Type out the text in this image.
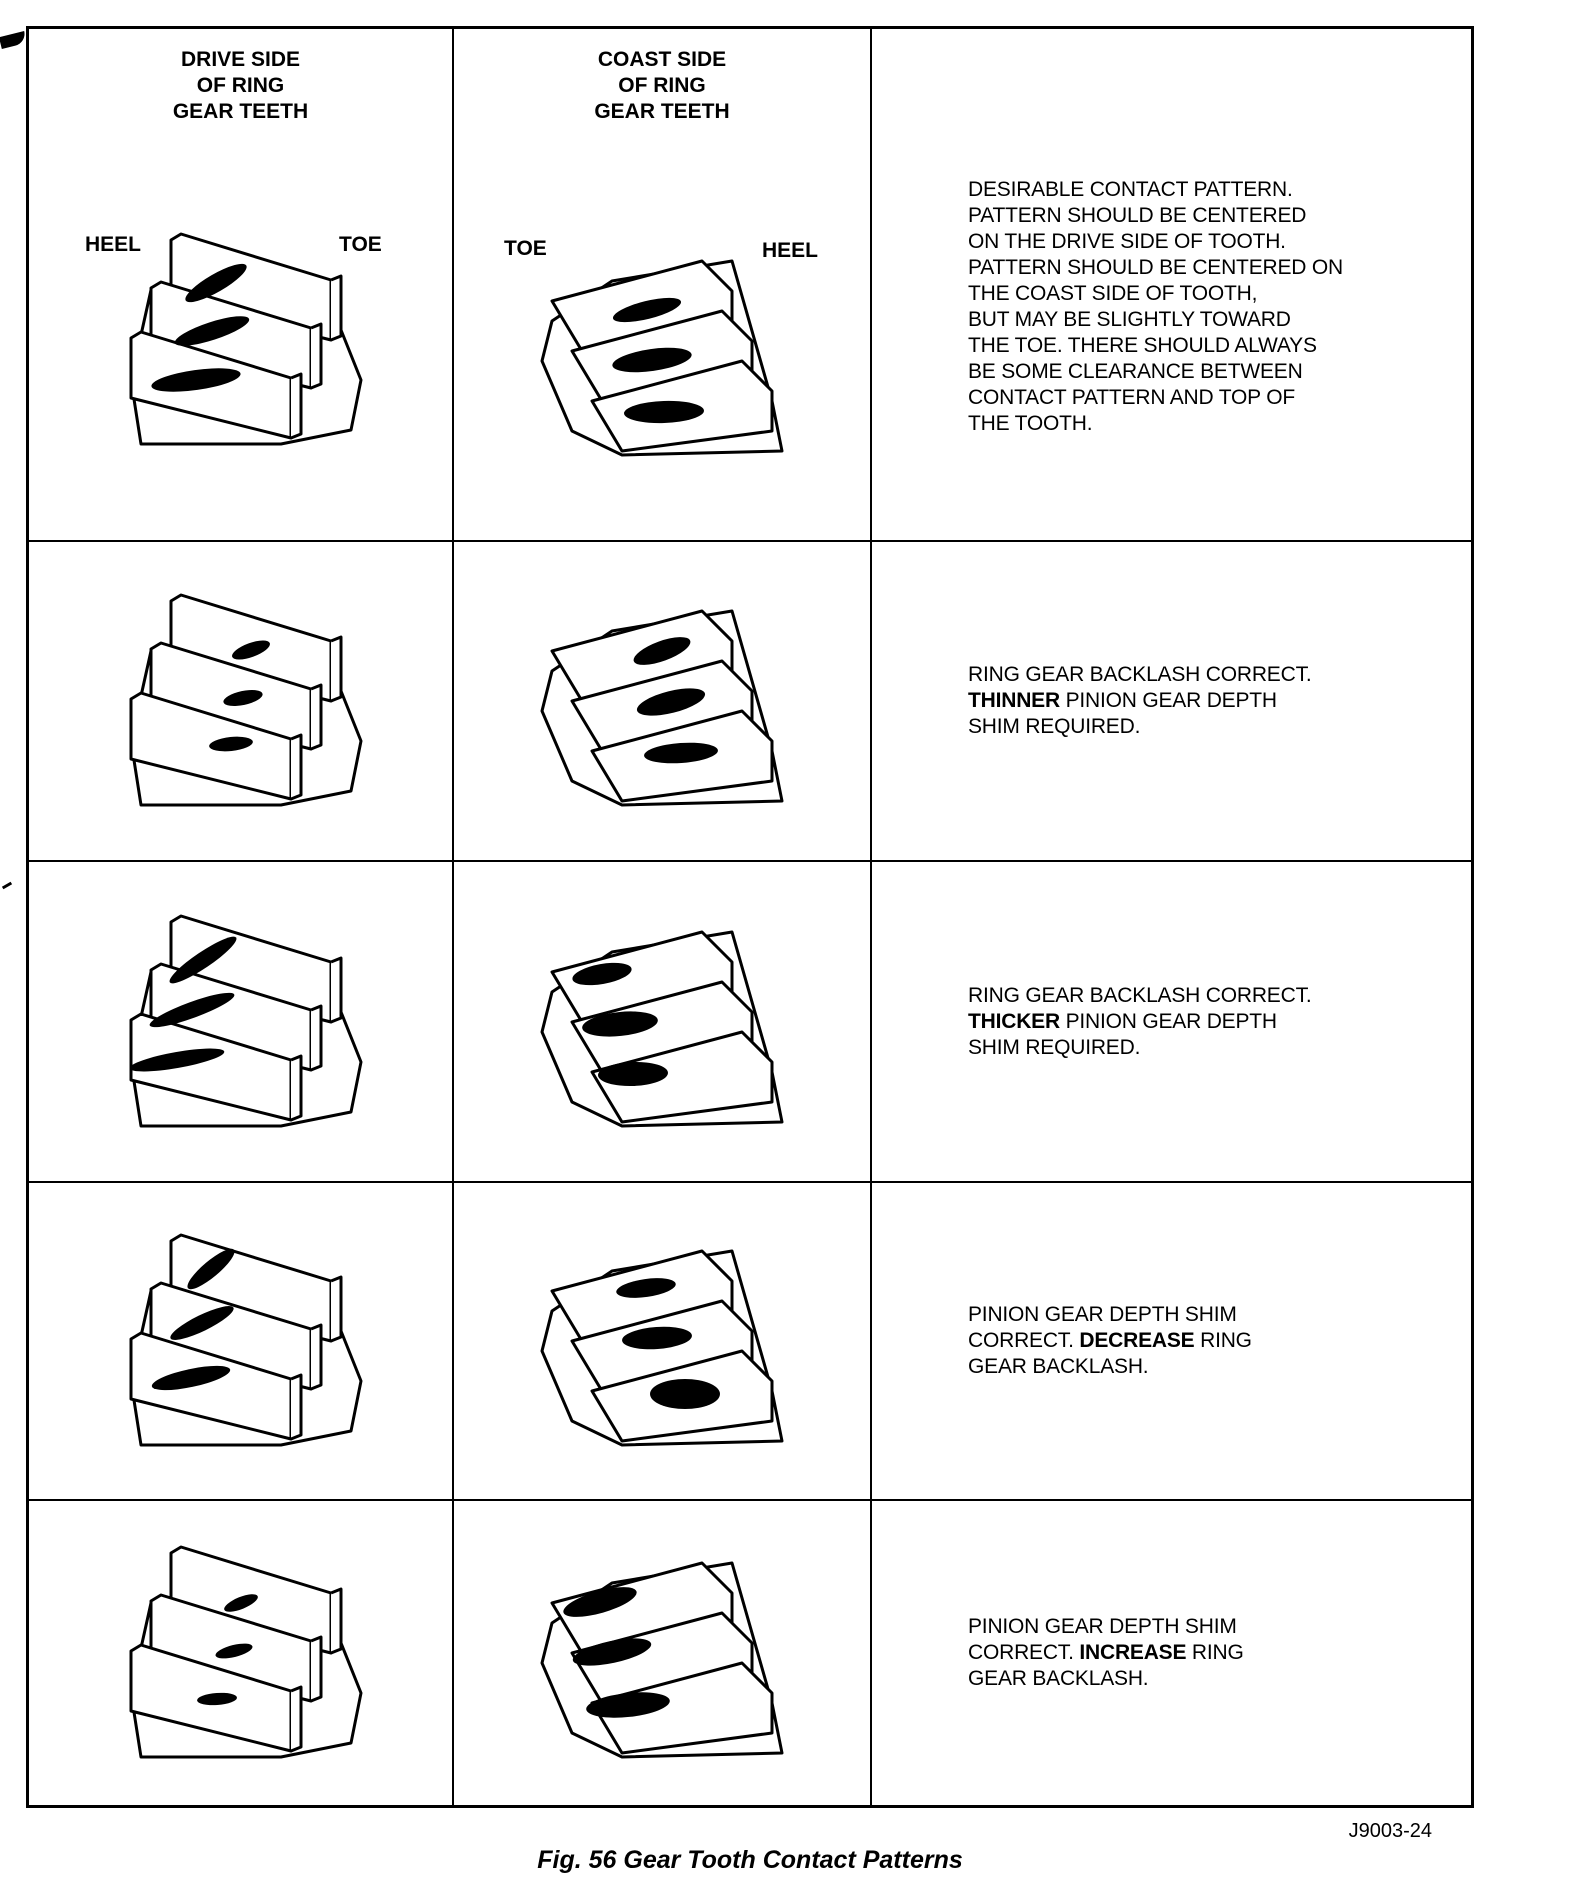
DRIVE SIDE
OF RING
GEAR TEETH
HEEL	TOE
COAST SIDE
OF RING
GEAR TEETH
TOE	HEEL

DESIRABLE CONTACT PATTERN.

PATTERN SHOULD BE CENTERED

ON THE DRIVE SIDE OF TOOTH.

PATTERN SHOULD BE CENTERED ON

THE COAST SIDE OF TOOTH,

BUT MAY BE SLIGHTLY TOWARD

THE TOE. THERE SHOULD ALWAYS

BE SOME CLEARANCE BETWEEN

CONTACT PATTERN AND TOP OF

THE TOOTH.

RING GEAR BACKLASH CORRECT.

THINNER PINION GEAR DEPTH

SHIM REQUIRED.

RING GEAR BACKLASH CORRECT.

THICKER PINION GEAR DEPTH

SHIM REQUIRED.

PINION GEAR DEPTH SHIM

CORRECT. DECREASE RING

GEAR BACKLASH.

PINION GEAR DEPTH SHIM

CORRECT. INCREASE RING

GEAR BACKLASH.

J9003-24
Fig. 56 Gear Tooth Contact Patterns
